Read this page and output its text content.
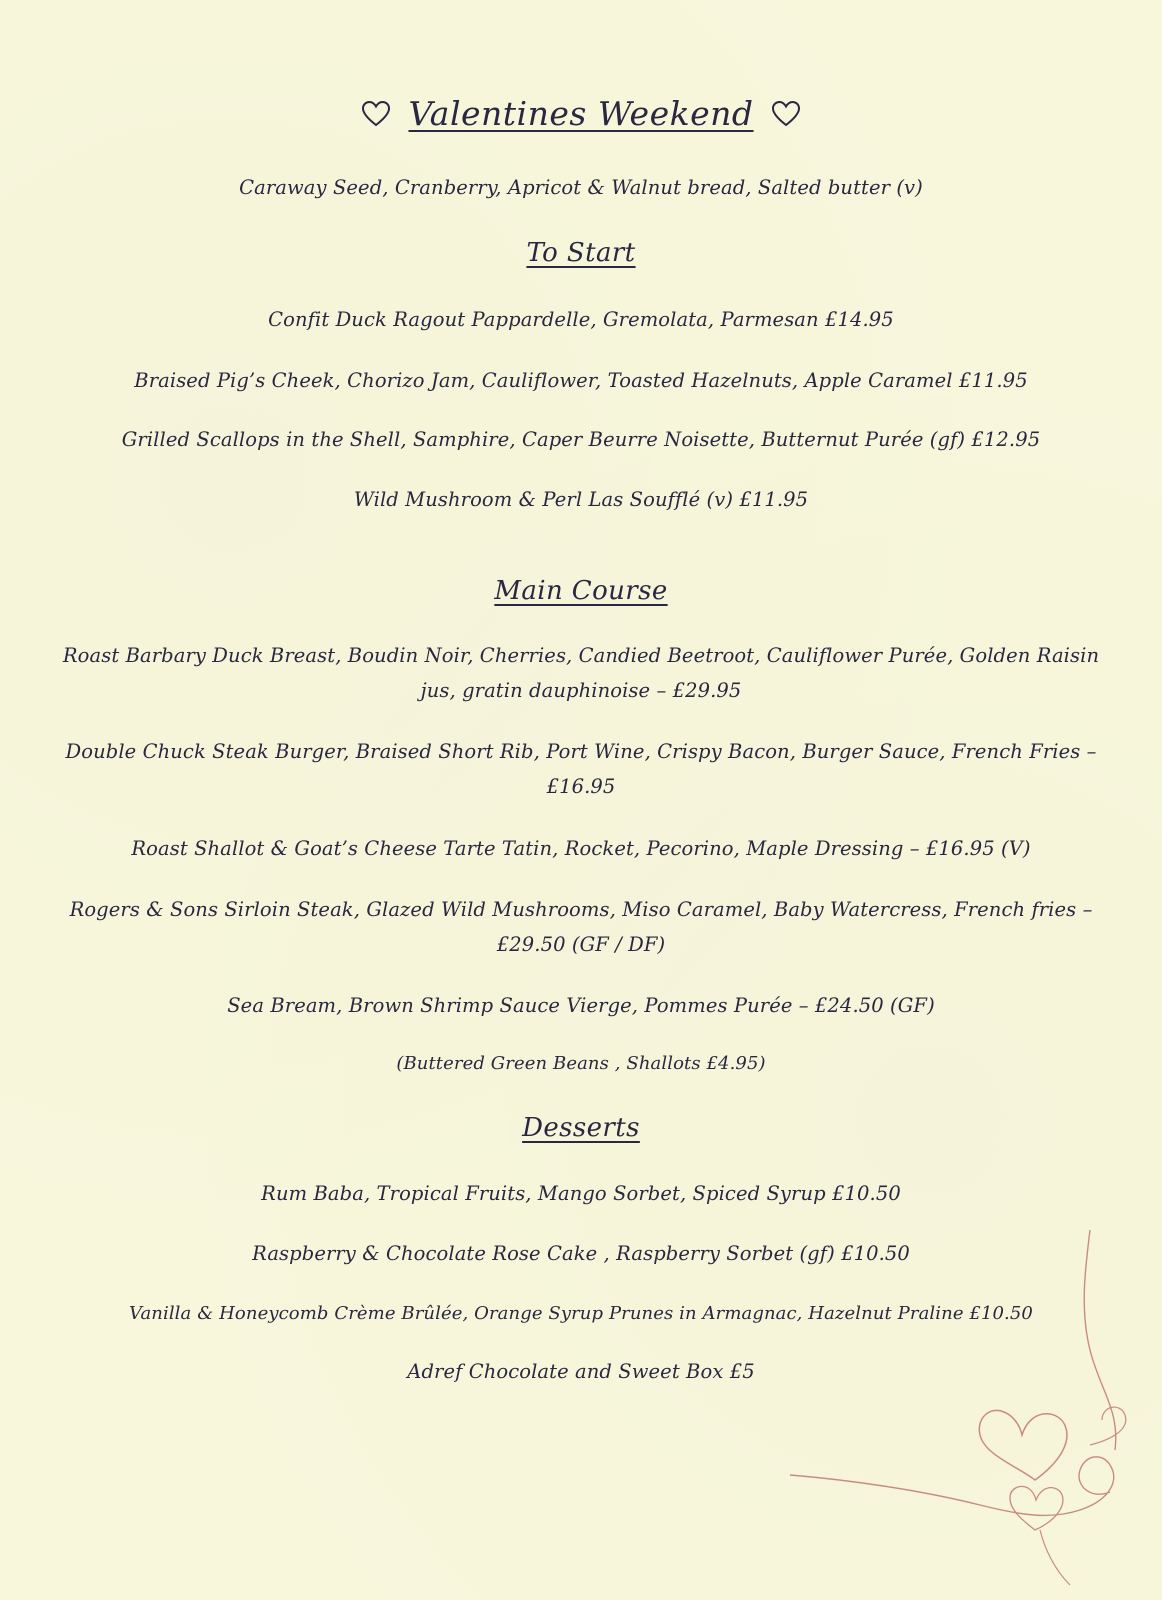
Valentines Weekend
Caraway Seed, Cranberry, Apricot & Walnut bread, Salted butter (v)
To Start
Confit Duck Ragout Pappardelle, Gremolata, Parmesan £14.95
Braised Pig’s Cheek, Chorizo Jam, Cauliflower, Toasted Hazelnuts, Apple Caramel £11.95
Grilled Scallops in the Shell, Samphire, Caper Beurre Noisette, Butternut Purée (gf) £12.95
Wild Mushroom & Perl Las Soufflé (v) £11.95
Main Course
Roast Barbary Duck Breast, Boudin Noir, Cherries, Candied Beetroot, Cauliflower Purée, Golden Raisin
jus, gratin dauphinoise – £29.95
Double Chuck Steak Burger, Braised Short Rib, Port Wine, Crispy Bacon, Burger Sauce, French Fries –
£16.95
Roast Shallot & Goat’s Cheese Tarte Tatin, Rocket, Pecorino, Maple Dressing – £16.95 (V)
Rogers & Sons Sirloin Steak, Glazed Wild Mushrooms, Miso Caramel, Baby Watercress, French fries –
£29.50 (GF / DF)
Sea Bream, Brown Shrimp Sauce Vierge, Pommes Purée – £24.50 (GF)
(Buttered Green Beans , Shallots £4.95)
Desserts
Rum Baba, Tropical Fruits, Mango Sorbet, Spiced Syrup £10.50
Raspberry & Chocolate Rose Cake , Raspberry Sorbet (gf) £10.50
Vanilla & Honeycomb Crème Brûlée, Orange Syrup Prunes in Armagnac, Hazelnut Praline £10.50
Adref Chocolate and Sweet Box £5
